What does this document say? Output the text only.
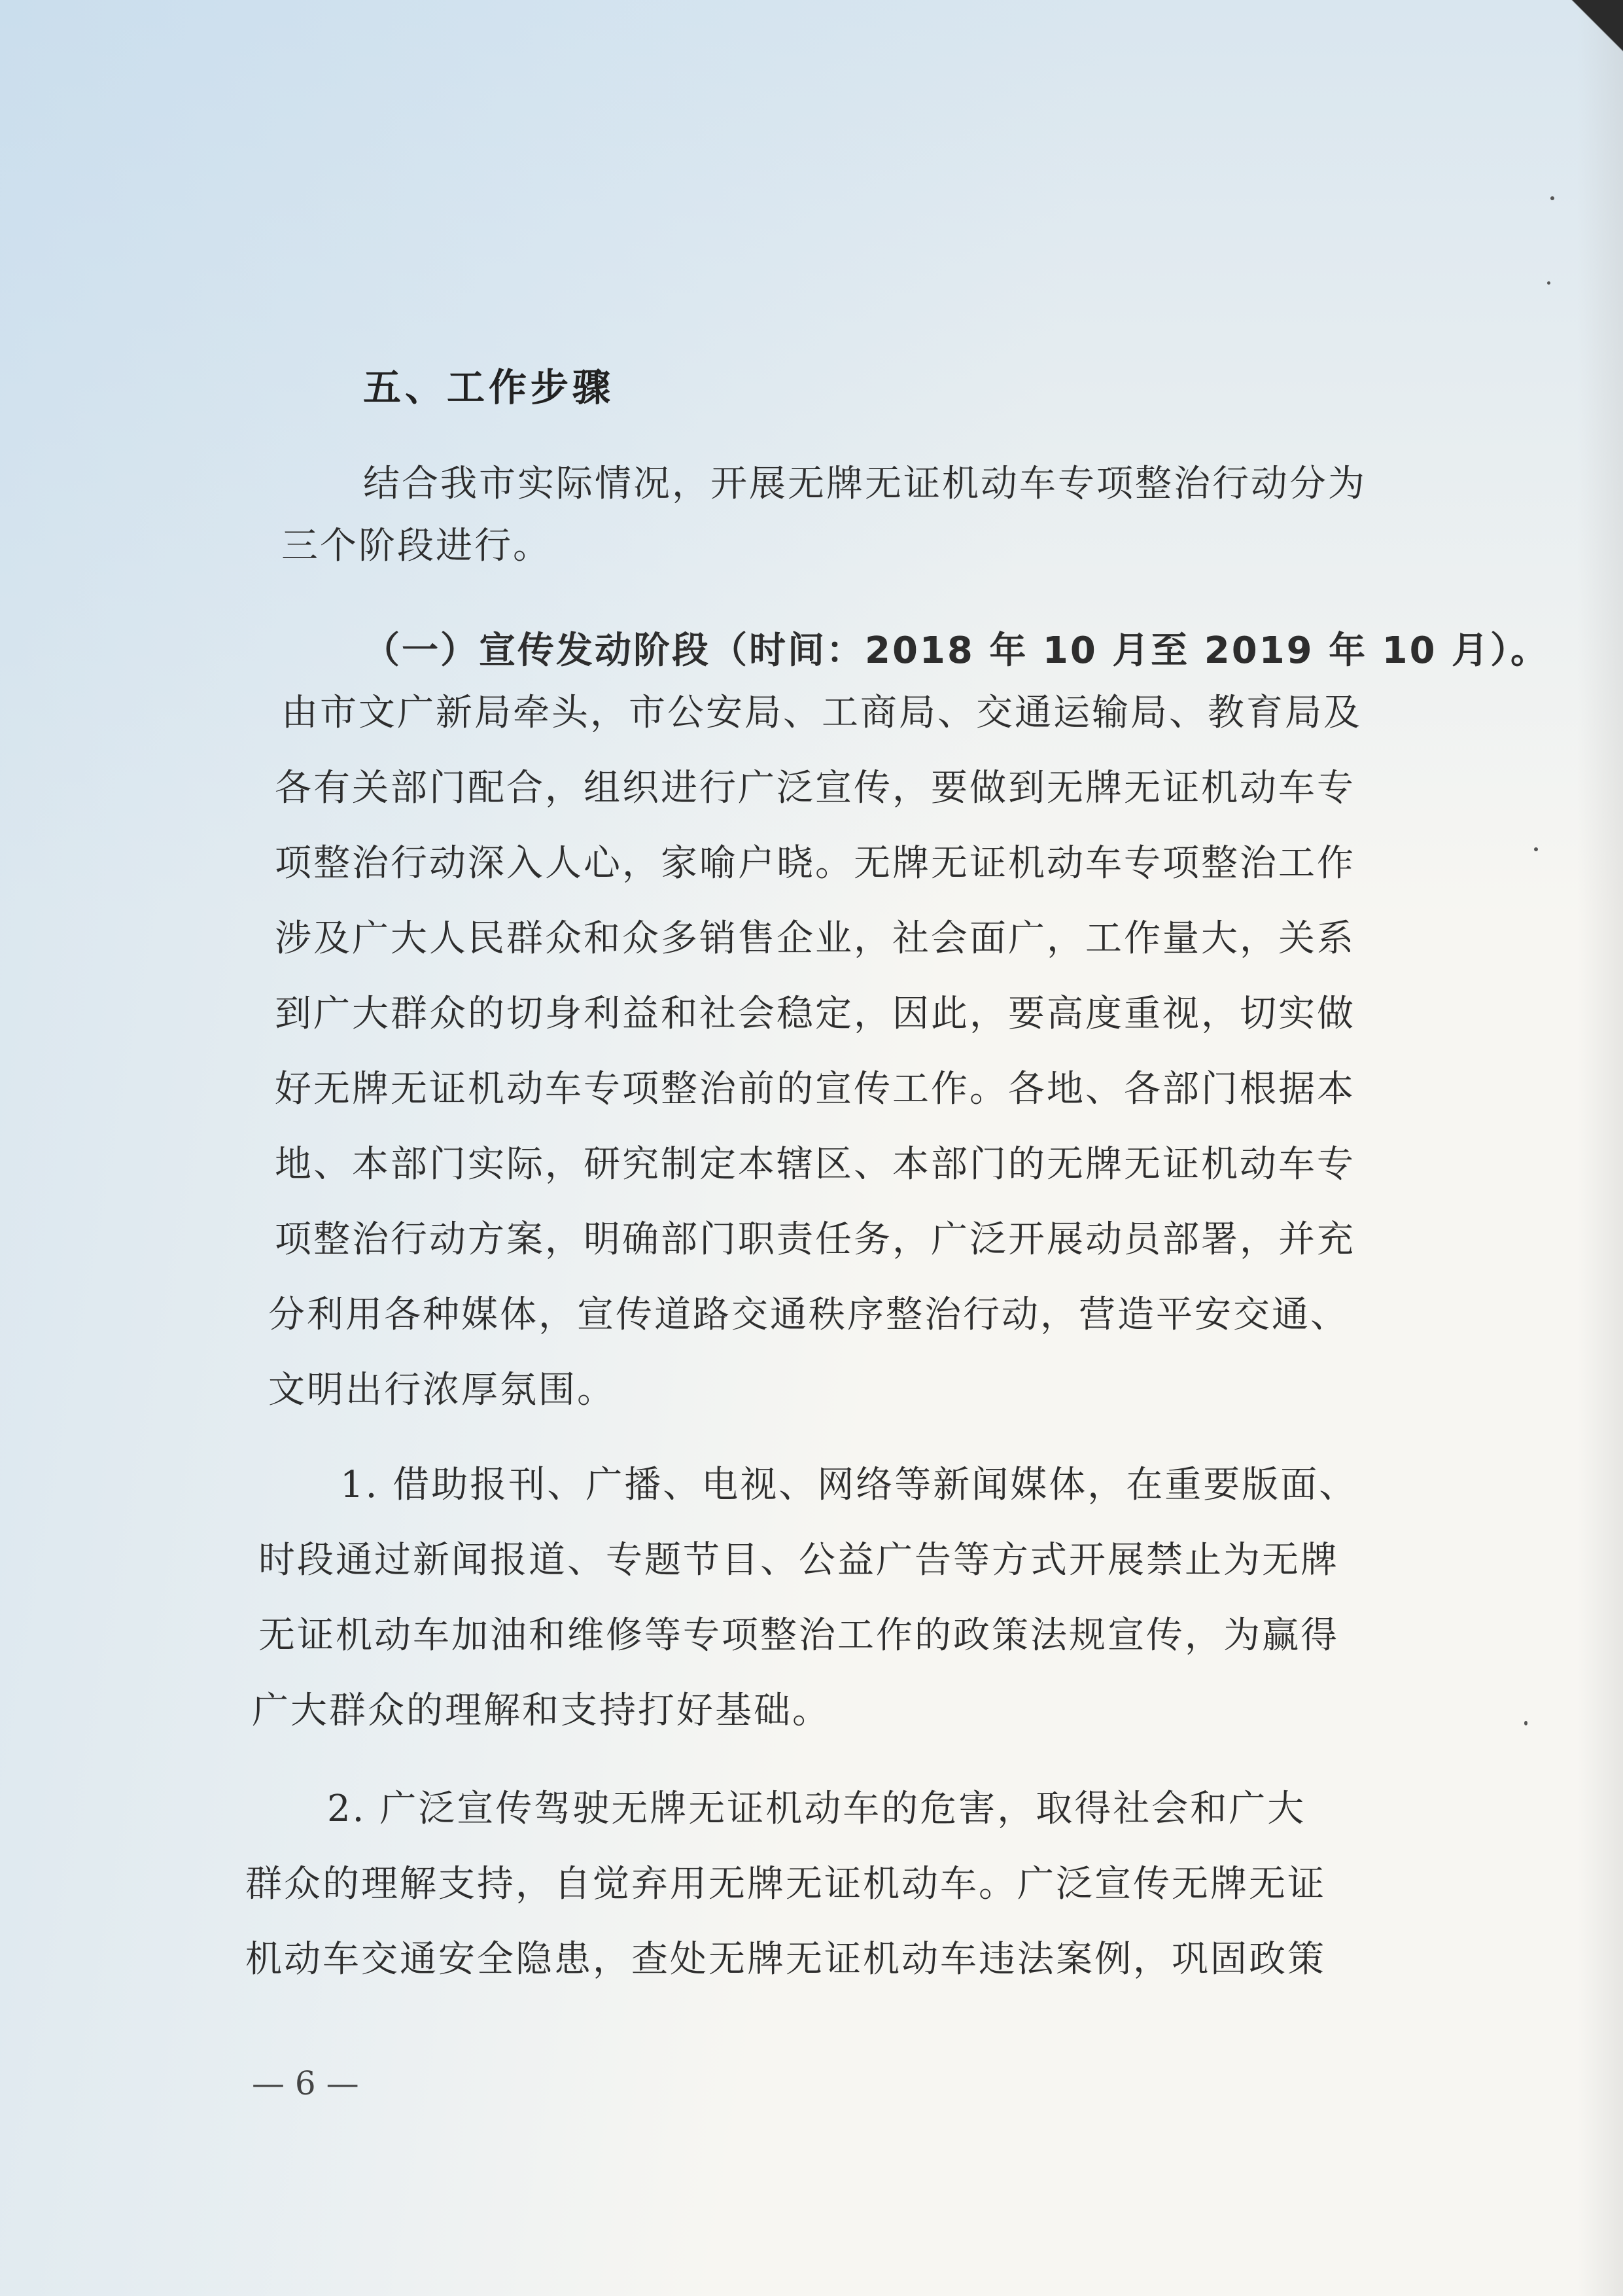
五、工作步骤
结合我市实际情况，开展无牌无证机动车专项整治行动分为
三个阶段进行。
（一）宣传发动阶段（时间：2018 年 10 月至 2019 年 10 月）。
由市文广新局牵头，市公安局、工商局、交通运输局、教育局及
各有关部门配合，组织进行广泛宣传，要做到无牌无证机动车专
项整治行动深入人心，家喻户晓。无牌无证机动车专项整治工作
涉及广大人民群众和众多销售企业，社会面广，工作量大，关系
到广大群众的切身利益和社会稳定，因此，要高度重视，切实做
好无牌无证机动车专项整治前的宣传工作。各地、各部门根据本
地、本部门实际，研究制定本辖区、本部门的无牌无证机动车专
项整治行动方案，明确部门职责任务，广泛开展动员部署，并充
分利用各种媒体，宣传道路交通秩序整治行动，营造平安交通、
文明出行浓厚氛围。
1. 借助报刊、广播、电视、网络等新闻媒体，在重要版面、
时段通过新闻报道、专题节目、公益广告等方式开展禁止为无牌
无证机动车加油和维修等专项整治工作的政策法规宣传，为赢得
广大群众的理解和支持打好基础。
2. 广泛宣传驾驶无牌无证机动车的危害，取得社会和广大
群众的理解支持，自觉弃用无牌无证机动车。广泛宣传无牌无证
机动车交通安全隐患，查处无牌无证机动车违法案例，巩固政策
— 6 —
